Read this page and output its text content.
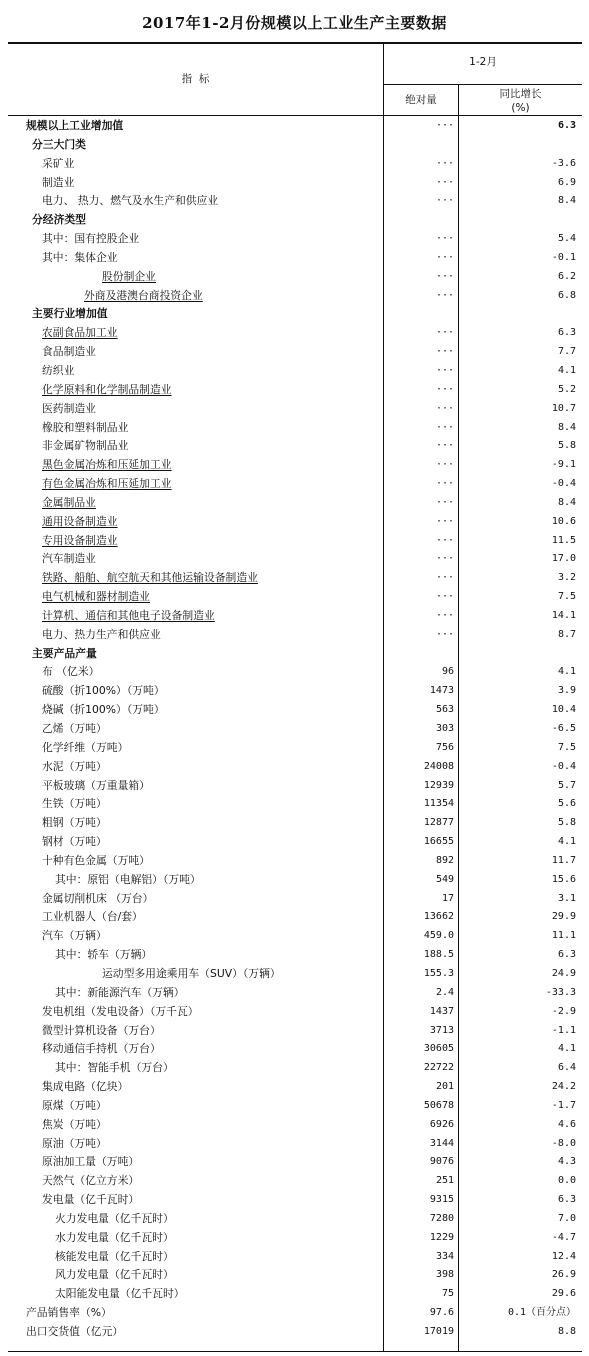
2017年1-2月份规模以上工业生产主要数据
指  标
1-2月
绝对量	同比增长
(%)
规模以上工业增加值	···	6.3
分三大门类
采矿业	···	-3.6
制造业	···	6.9
电力、 热力、燃气及水生产和供应业	···	8.4
分经济类型
其中：国有控股企业	···	5.4
其中：集体企业	···	-0.1
股份制企业	···	6.2
外商及港澳台商投资企业	···	6.8
主要行业增加值
农副食品加工业	···	6.3
食品制造业	···	7.7
纺织业	···	4.1
化学原料和化学制品制造业	···	5.2
医药制造业	···	10.7
橡胶和塑料制品业	···	8.4
非金属矿物制品业	···	5.8
黑色金属冶炼和压延加工业	···	-9.1
有色金属冶炼和压延加工业	···	-0.4
金属制品业	···	8.4
通用设备制造业	···	10.6
专用设备制造业	···	11.5
汽车制造业	···	17.0
铁路、船舶、航空航天和其他运输设备制造业	···	3.2
电气机械和器材制造业	···	7.5
计算机、通信和其他电子设备制造业	···	14.1
电力、热力生产和供应业	···	8.7
主要产品产量
布 （亿米）	96	4.1
硫酸（折100%）（万吨）	1473	3.9
烧碱（折100%）（万吨）	563	10.4
乙烯（万吨）	303	-6.5
化学纤维（万吨）	756	7.5
水泥（万吨）	24008	-0.4
平板玻璃（万重量箱）	12939	5.7
生铁（万吨）	11354	5.6
粗钢（万吨）	12877	5.8
钢材（万吨）	16655	4.1
十种有色金属（万吨）	892	11.7
其中：原铝（电解铝）（万吨）	549	15.6
金属切削机床 （万台）	17	3.1
工业机器人（台/套）	13662	29.9
汽车（万辆）	459.0	11.1
其中：轿车（万辆）	188.5	6.3
运动型多用途乘用车（SUV）（万辆）	155.3	24.9
其中：新能源汽车（万辆）	2.4	-33.3
发电机组（发电设备）（万千瓦）	1437	-2.9
微型计算机设备（万台）	3713	-1.1
移动通信手持机（万台）	30605	4.1
其中：智能手机（万台）	22722	6.4
集成电路（亿块）	201	24.2
原煤（万吨）	50678	-1.7
焦炭（万吨）	6926	4.6
原油（万吨）	3144	-8.0
原油加工量（万吨）	9076	4.3
天然气（亿立方米）	251	0.0
发电量（亿千瓦时）	9315	6.3
火力发电量（亿千瓦时）	7280	7.0
水力发电量（亿千瓦时）	1229	-4.7
核能发电量（亿千瓦时）	334	12.4
风力发电量（亿千瓦时）	398	26.9
太阳能发电量（亿千瓦时）	75	29.6
产品销售率（%）	97.6	0.1（百分点）
出口交货值（亿元）	17019	8.8
